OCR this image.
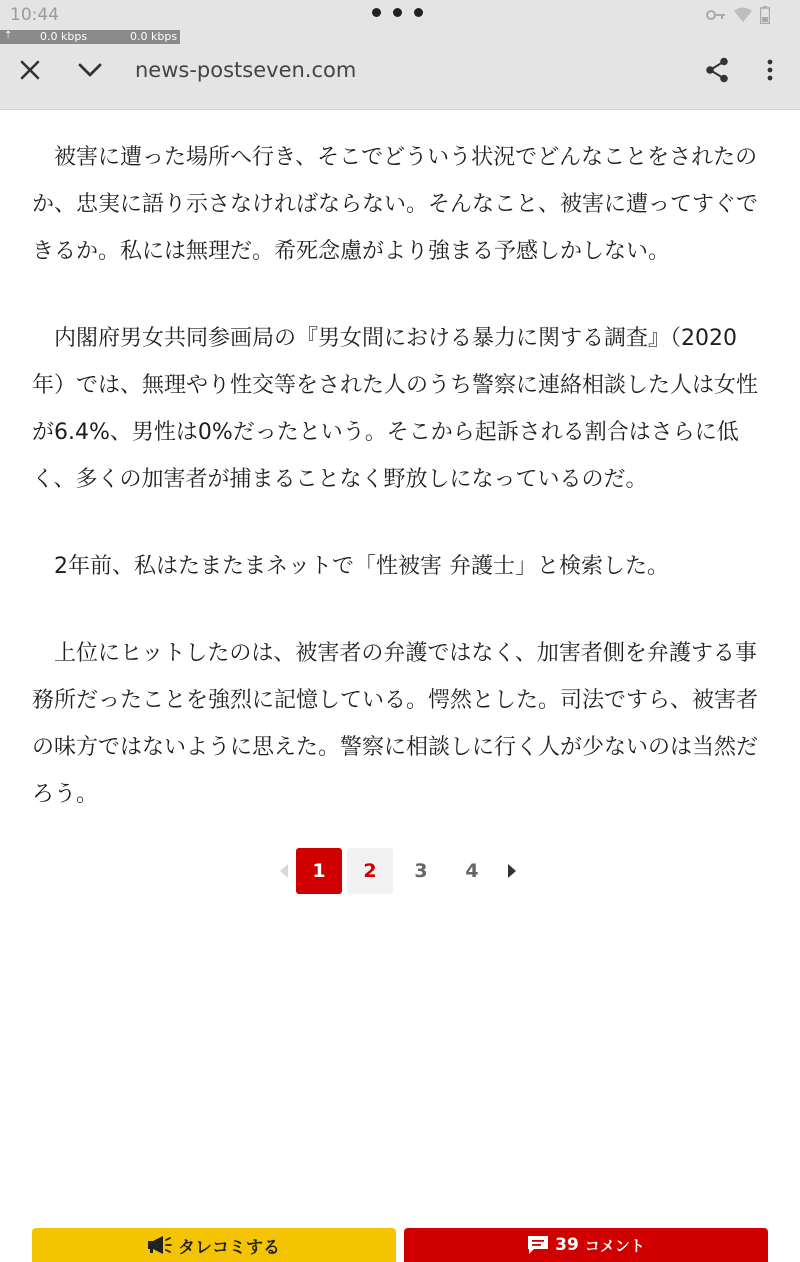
10:44
news-postseven.com
⇡	0.0 kbps	0.0 kbps

被害に遭った場所へ行き、そこでどういう状況でどんなことをされたのか、忠実に語り示さなければならない。そんなこと、被害に遭ってすぐできるか。私には無理だ。希死念慮がより強まる予感しかしない。

内閣府男女共同参画局の『男女間における暴力に関する調査』（2020年）では、無理やり性交等をされた人のうち警察に連絡相談した人は女性が6.4%、男性は0%だったという。そこから起訴される割合はさらに低く、多くの加害者が捕まることなく野放しになっているのだ。

2年前、私はたまたまネットで「性被害 弁護士」と検索した。

上位にヒットしたのは、被害者の弁護ではなく、加害者側を弁護する事務所だったことを強烈に記憶している。愕然とした。司法ですら、被害者の味方ではないように思えた。警察に相談しに行く人が少ないのは当然だろう。

1	2	3	4
タレコミする	39 コメント
